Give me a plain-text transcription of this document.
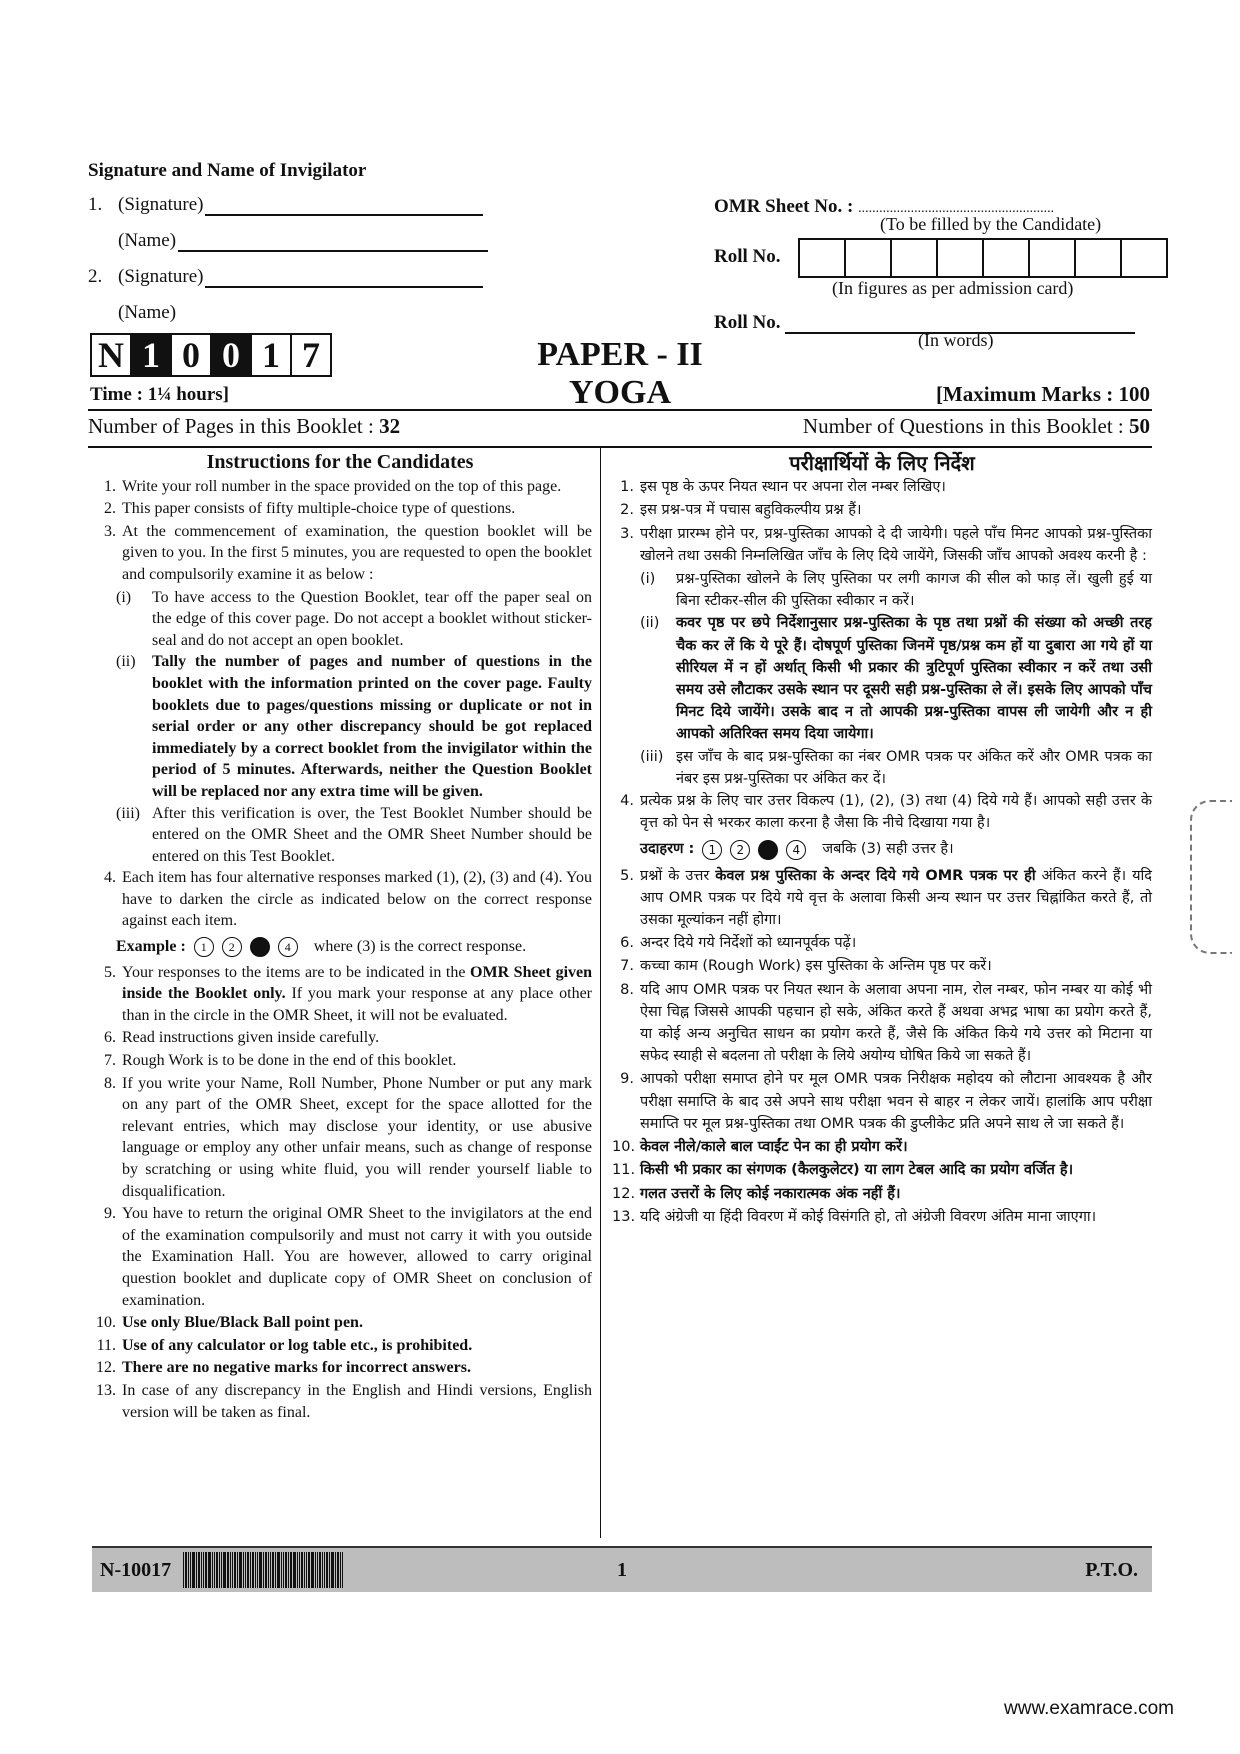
Signature and Name of Invigilator
1. (Signature)
(Name)
2. (Signature)
(Name)
OMR Sheet No. : ........................................................
(To be filled by the Candidate)
Roll No.
(In figures as per admission card)
Roll No.
(In words)
N 1 0 0 1 7	PAPER - II
YOGA
Time : 1¼ hours]	[Maximum Marks : 100
Number of Pages in this Booklet : 32	Number of Questions in this Booklet : 50
Instructions for the Candidates
1. Write your roll number in the space provided on the top of this page.
2. This paper consists of fifty multiple-choice type of questions.
3. At the commencement of examination, the question booklet will be given to you. In the first 5 minutes, you are requested to open the booklet and compulsorily examine it as below :
(i)	To have access to the Question Booklet, tear off the paper seal on the edge of this cover page. Do not accept a booklet without sticker-seal and do not accept an open booklet.
(ii)	Tally the number of pages and number of questions in the booklet with the information printed on the cover page. Faulty booklets due to pages/questions missing or duplicate or not in serial order or any other discrepancy should be got replaced immediately by a correct booklet from the invigilator within the period of 5 minutes. Afterwards, neither the Question Booklet will be replaced nor any extra time will be given.
(iii) After this verification is over, the Test Booklet Number should be entered on the OMR Sheet and the OMR Sheet Number should be entered on this Test Booklet.
4. Each item has four alternative responses marked (1), (2), (3) and (4). You have to darken the circle as indicated below on the correct response against each item.
Example :	1	2	4	where (3) is the correct response.
5. Your responses to the items are to be indicated in the OMR Sheet given inside the Booklet only. If you mark your response at any place other than in the circle in the OMR Sheet, it will not be evaluated.
6. Read instructions given inside carefully.
7. Rough Work is to be done in the end of this booklet.
8. If you write your Name, Roll Number, Phone Number or put any mark on any part of the OMR Sheet, except for the space allotted for the relevant entries, which may disclose your identity, or use abusive language or employ any other unfair means, such as change of response by scratching or using white fluid, you will render yourself liable to disqualification.
9. You have to return the original OMR Sheet to the invigilators at the end of the examination compulsorily and must not carry it with you outside the Examination Hall. You are however, allowed to carry original question booklet and duplicate copy of OMR Sheet on conclusion of examination.
10. Use only Blue/Black Ball point pen.
11. Use of any calculator or log table etc., is prohibited.
12. There are no negative marks for incorrect answers.
13. In case of any discrepancy in the English and Hindi versions, English version will be taken as final.
परीक्षार्थियों के लिए निर्देश
1. इस पृष्ठ के ऊपर नियत स्थान पर अपना रोल नम्बर लिखिए।
2. इस प्रश्न-पत्र में पचास बहुविकल्पीय प्रश्न हैं।
3. परीक्षा प्रारम्भ होने पर, प्रश्न-पुस्तिका आपको दे दी जायेगी। पहले पाँच मिनट आपको प्रश्न-पुस्तिका खोलने तथा उसकी निम्नलिखित जाँच के लिए दिये जायेंगे, जिसकी जाँच आपको अवश्य करनी है :
(i)	प्रश्न-पुस्तिका खोलने के लिए पुस्तिका पर लगी कागज की सील को फाड़ लें। खुली हुई या बिना स्टीकर-सील की पुस्तिका स्वीकार न करें।
(ii)	कवर पृष्ठ पर छपे निर्देशानुसार प्रश्न-पुस्तिका के पृष्ठ तथा प्रश्नों की संख्या को अच्छी तरह चैक कर लें कि ये पूरे हैं। दोषपूर्ण पुस्तिका जिनमें पृष्ठ/प्रश्न कम हों या दुबारा आ गये हों या सीरियल में न हों अर्थात् किसी भी प्रकार की त्रुटिपूर्ण पुस्तिका स्वीकार न करें तथा उसी समय उसे लौटाकर उसके स्थान पर दूसरी सही प्रश्न-पुस्तिका ले लें। इसके लिए आपको पाँच मिनट दिये जायेंगे। उसके बाद न तो आपकी प्रश्न-पुस्तिका वापस ली जायेगी और न ही आपको अतिरिक्त समय दिया जायेगा।
(iii) इस जाँच के बाद प्रश्न-पुस्तिका का नंबर OMR पत्रक पर अंकित करें और OMR पत्रक का नंबर इस प्रश्न-पुस्तिका पर अंकित कर दें।
4. प्रत्येक प्रश्न के लिए चार उत्तर विकल्प (1), (2), (3) तथा (4) दिये गये हैं। आपको सही उत्तर के वृत्त को पेन से भरकर काला करना है जैसा कि नीचे दिखाया गया है।
उदाहरण :	1	2	4	जबकि (3) सही उत्तर है।
5. प्रश्नों के उत्तर केवल प्रश्न पुस्तिका के अन्दर दिये गये OMR पत्रक पर ही अंकित करने हैं। यदि आप OMR पत्रक पर दिये गये वृत्त के अलावा किसी अन्य स्थान पर उत्तर चिह्नांकित करते हैं, तो उसका मूल्यांकन नहीं होगा।
6. अन्दर दिये गये निर्देशों को ध्यानपूर्वक पढ़ें।
7. कच्चा काम (Rough Work) इस पुस्तिका के अन्तिम पृष्ठ पर करें।
8. यदि आप OMR पत्रक पर नियत स्थान के अलावा अपना नाम, रोल नम्बर, फोन नम्बर या कोई भी ऐसा चिह्न जिससे आपकी पहचान हो सके, अंकित करते हैं अथवा अभद्र भाषा का प्रयोग करते हैं, या कोई अन्य अनुचित साधन का प्रयोग करते हैं, जैसे कि अंकित किये गये उत्तर को मिटाना या सफेद स्याही से बदलना तो परीक्षा के लिये अयोग्य घोषित किये जा सकते हैं।
9. आपको परीक्षा समाप्त होने पर मूल OMR पत्रक निरीक्षक महोदय को लौटाना आवश्यक है और परीक्षा समाप्ति के बाद उसे अपने साथ परीक्षा भवन से बाहर न लेकर जायें। हालांकि आप परीक्षा समाप्ति पर मूल प्रश्न-पुस्तिका तथा OMR पत्रक की डुप्लीकेट प्रति अपने साथ ले जा सकते हैं।
10. केवल नीले/काले बाल प्वाईंट पेन का ही प्रयोग करें।
11. किसी भी प्रकार का संगणक (कैलकुलेटर) या लाग टेबल आदि का प्रयोग वर्जित है।
12. गलत उत्तरों के लिए कोई नकारात्मक अंक नहीं हैं।
13. यदि अंग्रेजी या हिंदी विवरण में कोई विसंगति हो, तो अंग्रेजी विवरण अंतिम माना जाएगा।
N-10017	1	P.T.O.
www.examrace.com
